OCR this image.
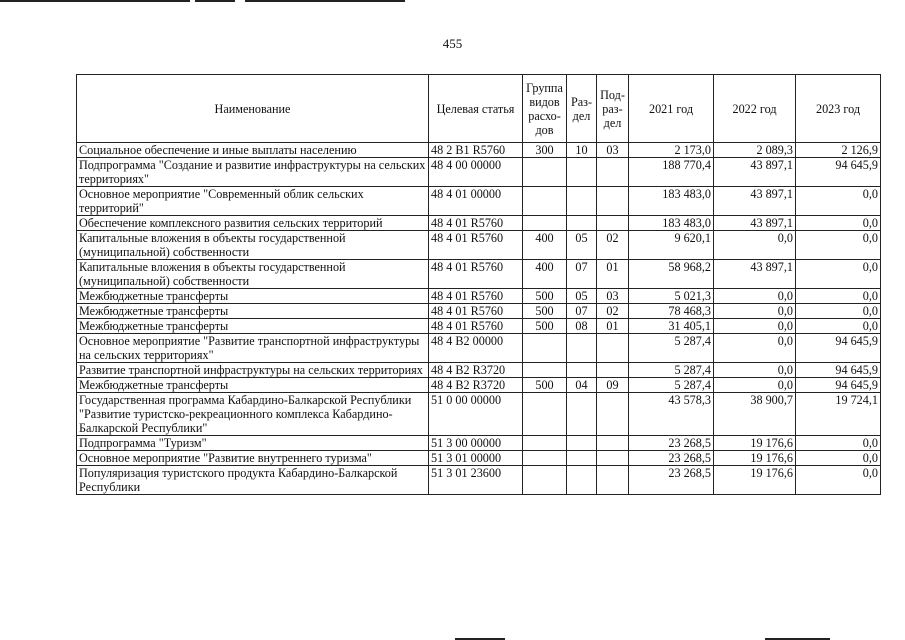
455
Наименование	Целевая статья	Группа видов расхо-дов	Раз-дел	Под-раз-дел	2021 год	2022 год	2023 год
Социальное обеспечение и иные выплаты населению	48 2 B1 R5760	300	10	03	2 173,0	2 089,3	2 126,9
Подпрограмма "Создание и развитие инфраструктуры на сельских территориях"	48 4 00 00000				188 770,4	43 897,1	94 645,9
Основное мероприятие "Современный облик сельских территорий"	48 4 01 00000				183 483,0	43 897,1	0,0
Обеспечение комплексного развития сельских территорий	48 4 01 R5760				183 483,0	43 897,1	0,0
Капитальные вложения в объекты государственной (муниципальной) собственности	48 4 01 R5760	400	05	02	9 620,1	0,0	0,0
Капитальные вложения в объекты государственной (муниципальной) собственности	48 4 01 R5760	400	07	01	58 968,2	43 897,1	0,0
Межбюджетные трансферты	48 4 01 R5760	500	05	03	5 021,3	0,0	0,0
Межбюджетные трансферты	48 4 01 R5760	500	07	02	78 468,3	0,0	0,0
Межбюджетные трансферты	48 4 01 R5760	500	08	01	31 405,1	0,0	0,0
Основное мероприятие "Развитие транспортной инфраструктуры на сельских территориях"	48 4 B2 00000				5 287,4	0,0	94 645,9
Развитие транспортной инфраструктуры на сельских территориях	48 4 B2 R3720				5 287,4	0,0	94 645,9
Межбюджетные трансферты	48 4 B2 R3720	500	04	09	5 287,4	0,0	94 645,9
Государственная программа Кабардино-Балкарской Республики "Развитие туристско-рекреационного комплекса Кабардино-Балкарской Республики"	51 0 00 00000				43 578,3	38 900,7	19 724,1
Подпрограмма "Туризм"	51 3 00 00000				23 268,5	19 176,6	0,0
Основное мероприятие "Развитие внутреннего туризма"	51 3 01 00000				23 268,5	19 176,6	0,0
Популяризация туристского продукта Кабардино-Балкарской Республики	51 3 01 23600				23 268,5	19 176,6	0,0
